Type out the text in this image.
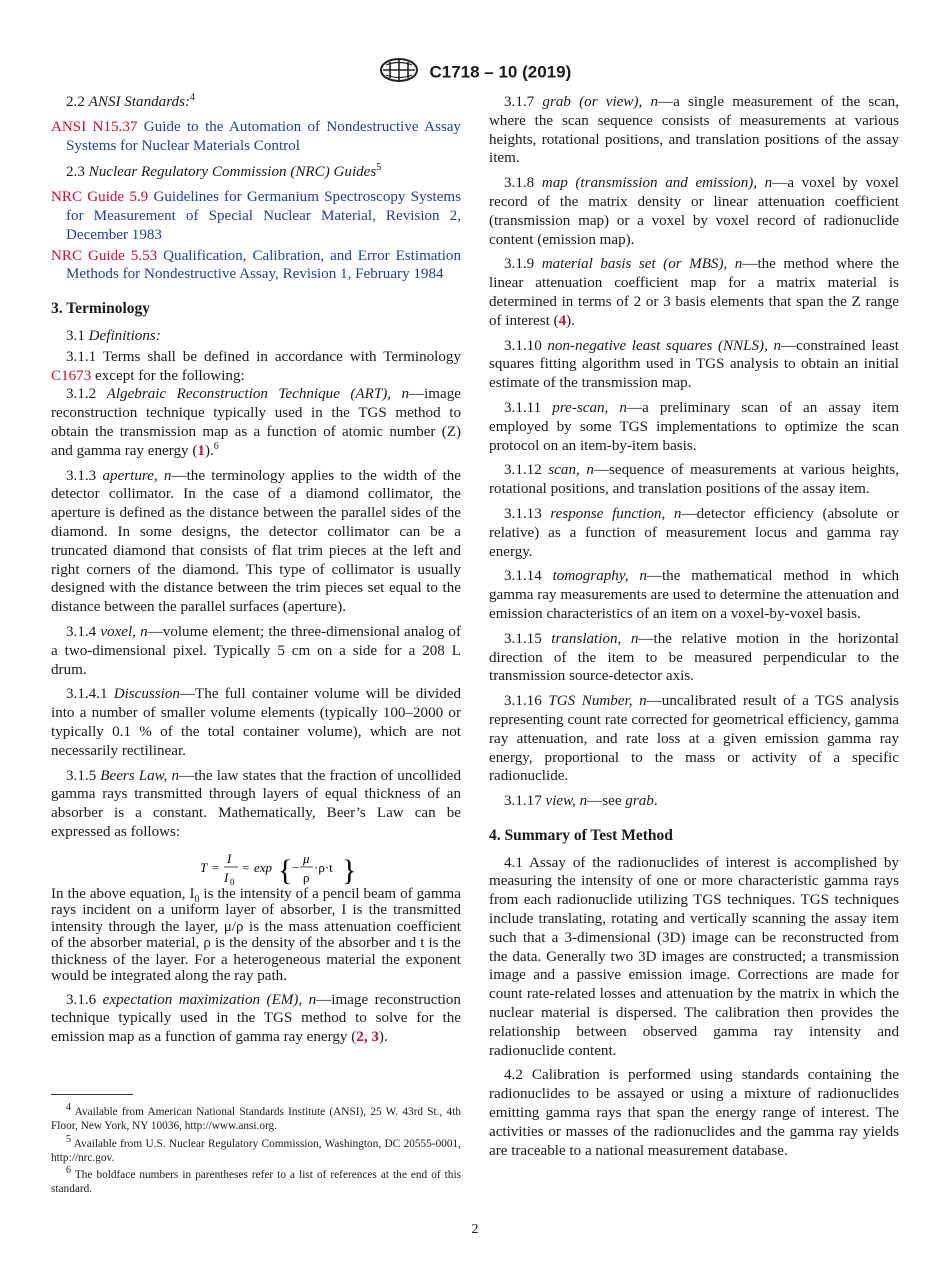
C1718 – 10 (2019)

2.2 ANSI Standards:$^4$

ANSI N15.37 Guide to the Automation of Nondestructive Assay Systems for Nuclear Materials Control

2.3 Nuclear Regulatory Commission (NRC) Guides$^5$

NRC Guide 5.9 Guidelines for Germanium Spectroscopy Systems for Measurement of Special Nuclear Material, Revision 2, December 1983

NRC Guide 5.53 Qualification, Calibration, and Error Estimation Methods for Nondestructive Assay, Revision 1, February 1984

3. Terminology

3.1 Definitions:

3.1.1 Terms shall be defined in accordance with Terminology C1673 except for the following:

3.1.2 Algebraic Reconstruction Technique (ART), n—image reconstruction technique typically used in the TGS method to obtain the transmission map as a function of atomic number (Z) and gamma ray energy (1).$^6$

3.1.3 aperture, n—the terminology applies to the width of the detector collimator. In the case of a diamond collimator, the aperture is defined as the distance between the parallel sides of the diamond. In some designs, the detector collimator can be a truncated diamond that consists of flat trim pieces at the left and right corners of the diamond. This type of collimator is usually designed with the distance between the trim pieces set equal to the distance between the parallel surfaces (aperture).

3.1.4 voxel, n—volume element; the three-dimensional analog of a two-dimensional pixel. Typically 5 cm on a side for a 208 L drum.

3.1.4.1 Discussion—The full container volume will be divided into a number of smaller volume elements (typically 100–2000 or typically 0.1 % of the total container volume), which are not necessarily rectilinear.

3.1.5 Beers Law, n—the law states that the fraction of uncollided gamma rays transmitted through layers of equal thickness of an absorber is a constant. Mathematically, Beer’s Law can be expressed as follows:

T =
I
I 0
= exp { −
μ
ρ
·ρ·t }

In the above equation, $I_0$ is the intensity of a pencil beam of gamma rays incident on a uniform layer of absorber, I is the transmitted intensity through the layer, μ/ρ is the mass attenuation coefficient of the absorber material, ρ is the density of the absorber and t is the thickness of the layer. For a heterogeneous material the exponent would be integrated along the ray path.

3.1.6 expectation maximization (EM), n—image reconstruction technique typically used in the TGS method to solve for the emission map as a function of gamma ray energy (2, 3).

3.1.7 grab (or view), n—a single measurement of the scan, where the scan sequence consists of measurements at various heights, rotational positions, and translation positions of the assay item.

3.1.8 map (transmission and emission), n—a voxel by voxel record of the matrix density or linear attenuation coefficient (transmission map) or a voxel by voxel record of radionuclide content (emission map).

3.1.9 material basis set (or MBS), n—the method where the linear attenuation coefficient map for a matrix material is determined in terms of 2 or 3 basis elements that span the Z range of interest (4).

3.1.10 non-negative least squares (NNLS), n—constrained least squares fitting algorithm used in TGS analysis to obtain an initial estimate of the transmission map.

3.1.11 pre-scan, n—a preliminary scan of an assay item employed by some TGS implementations to optimize the scan protocol on an item-by-item basis.

3.1.12 scan, n—sequence of measurements at various heights, rotational positions, and translation positions of the assay item.

3.1.13 response function, n—detector efficiency (absolute or relative) as a function of measurement locus and gamma ray energy.

3.1.14 tomography, n—the mathematical method in which gamma ray measurements are used to determine the attenuation and emission characteristics of an item on a voxel-by-voxel basis.

3.1.15 translation, n—the relative motion in the horizontal direction of the item to be measured perpendicular to the transmission source-detector axis.

3.1.16 TGS Number, n—uncalibrated result of a TGS analysis representing count rate corrected for geometrical efficiency, gamma ray attenuation, and rate loss at a given emission gamma ray energy, proportional to the mass or activity of a specific radionuclide.

3.1.17 view, n—see grab.

4. Summary of Test Method

4.1 Assay of the radionuclides of interest is accomplished by measuring the intensity of one or more characteristic gamma rays from each radionuclide utilizing TGS techniques. TGS techniques include translating, rotating and vertically scanning the assay item such that a 3-dimensional (3D) image can be reconstructed from the data. Generally two 3D images are constructed; a transmission image and a passive emission image. Corrections are made for count rate-related losses and attenuation by the matrix in which the nuclear material is dispersed. The calibration then provides the relationship between observed gamma ray intensity and radionuclide content.

4.2 Calibration is performed using standards containing the radionuclides to be assayed or using a mixture of radionuclides emitting gamma rays that span the energy range of interest. The activities or masses of the radionuclides and the gamma ray yields are traceable to a national measurement database.

$^4$ Available from American National Standards Institute (ANSI), 25 W. 43rd St., 4th Floor, New York, NY 10036, http://www.ansi.org.

$^5$ Available from U.S. Nuclear Regulatory Commission, Washington, DC 20555-0001, http://nrc.gov.

$^6$ The boldface numbers in parentheses refer to a list of references at the end of this standard.

2
